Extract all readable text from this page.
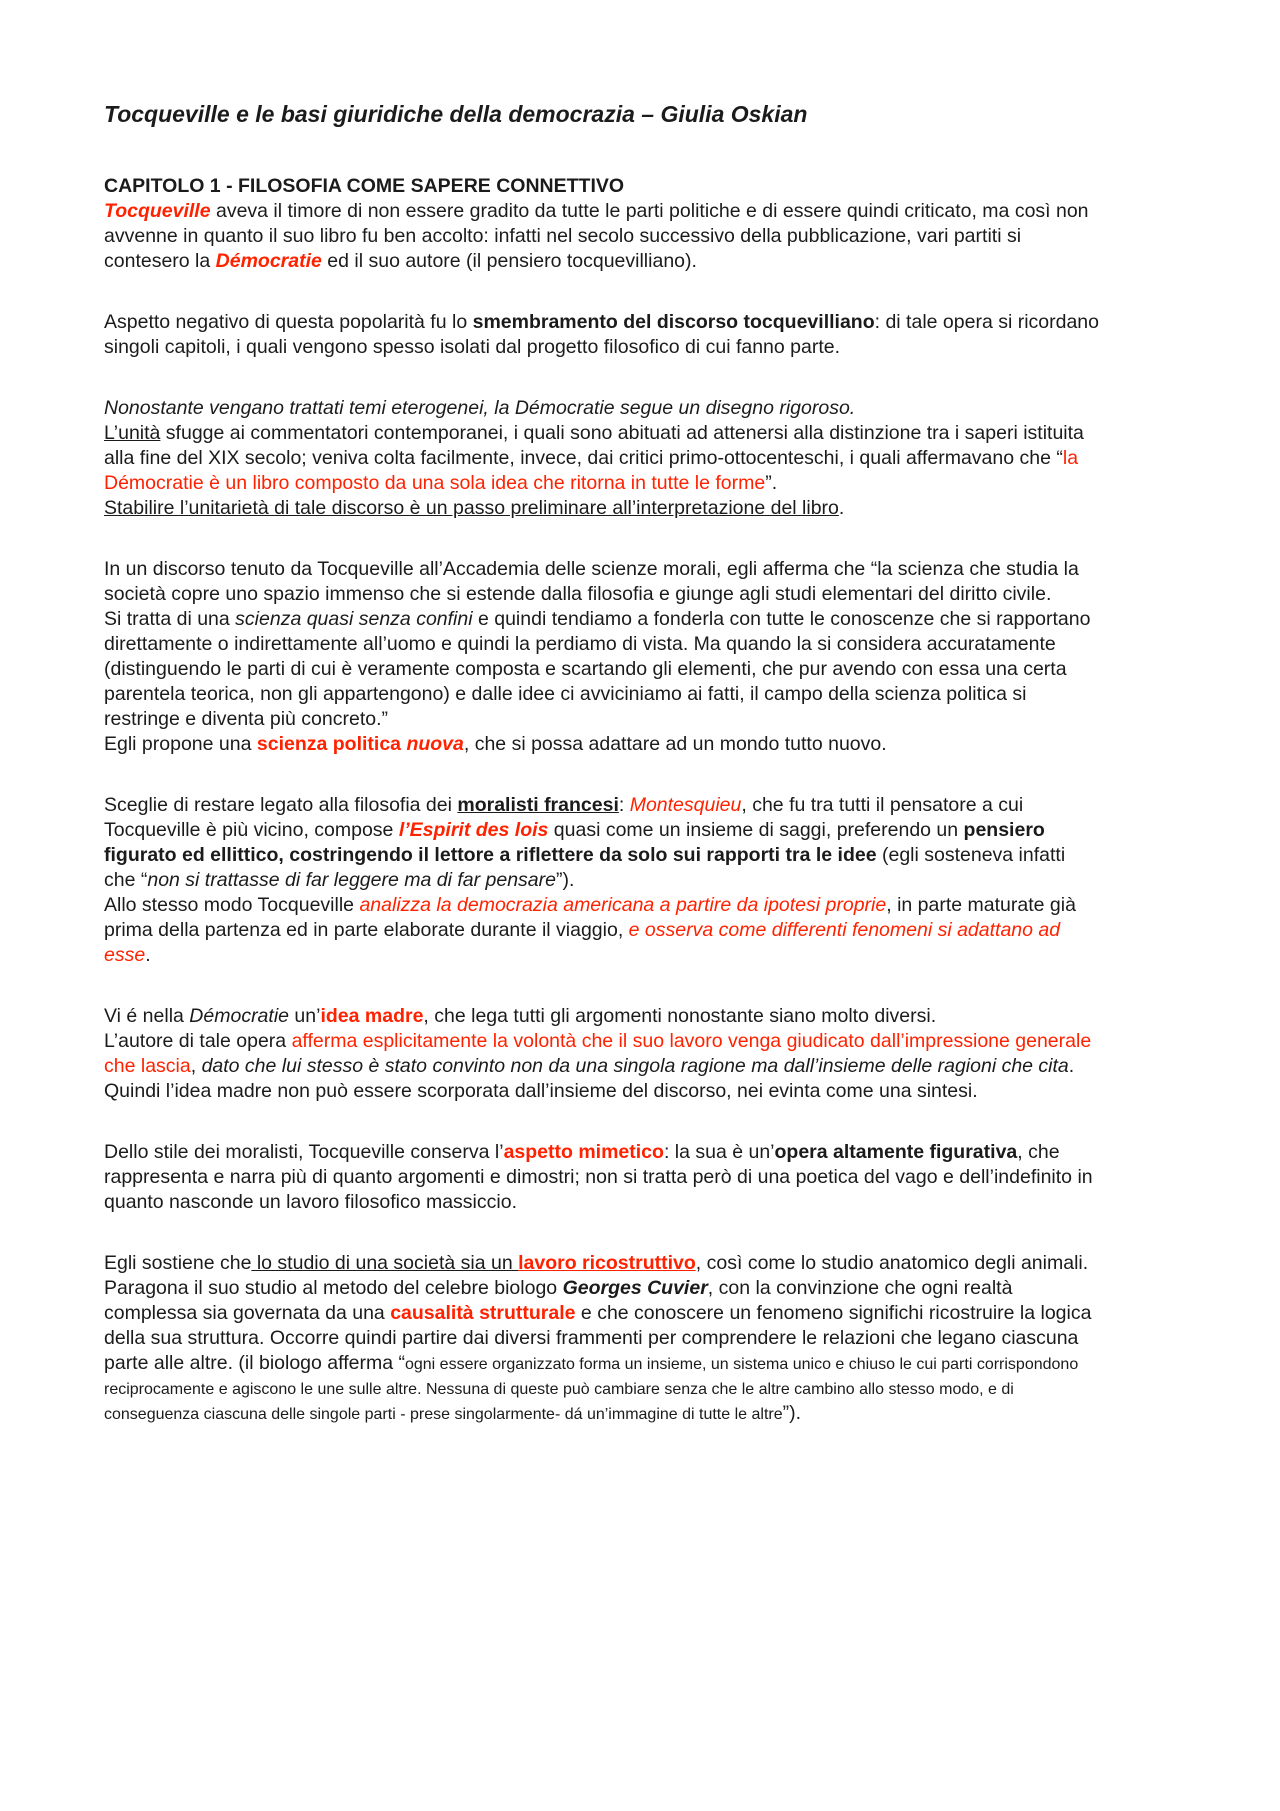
Tocqueville e le basi giuridiche della democrazia – Giulia Oskian
CAPITOLO 1 - FILOSOFIA COME SAPERE CONNETTIVO

Tocqueville aveva il timore di non essere gradito da tutte le parti politiche e di essere quindi criticato, ma così non avvenne in quanto il suo libro fu ben accolto: infatti nel secolo successivo della pubblicazione, vari partiti si contesero la Démocratie ed il suo autore (il pensiero tocquevilliano).

Aspetto negativo di questa popolarità fu lo smembramento del discorso tocquevilliano: di tale opera si ricordano singoli capitoli, i quali vengono spesso isolati dal progetto filosofico di cui fanno parte.

Nonostante vengano trattati temi eterogenei, la Démocratie segue un disegno rigoroso.
L’unità sfugge ai commentatori contemporanei, i quali sono abituati ad attenersi alla distinzione tra i saperi istituita alla fine del XIX secolo; veniva colta facilmente, invece, dai critici primo-ottocenteschi, i quali affermavano che “la Démocratie è un libro composto da una sola idea che ritorna in tutte le forme”.
Stabilire l’unitarietà di tale discorso è un passo preliminare all’interpretazione del libro.

In un discorso tenuto da Tocqueville all’Accademia delle scienze morali, egli afferma che “la scienza che studia la società copre uno spazio immenso che si estende dalla filosofia e giunge agli studi elementari del diritto civile.
Si tratta di una scienza quasi senza confini e quindi tendiamo a fonderla con tutte le conoscenze che si rapportano direttamente o indirettamente all’uomo e quindi la perdiamo di vista. Ma quando la si considera accuratamente (distinguendo le parti di cui è veramente composta e scartando gli elementi, che pur avendo con essa una certa parentela teorica, non gli appartengono) e dalle idee ci avviciniamo ai fatti, il campo della scienza politica si restringe e diventa più concreto.”
Egli propone una scienza politica nuova, che si possa adattare ad un mondo tutto nuovo.

Sceglie di restare legato alla filosofia dei moralisti francesi: Montesquieu, che fu tra tutti il pensatore a cui Tocqueville è più vicino, compose l’Espirit des lois quasi come un insieme di saggi, preferendo un pensiero figurato ed ellittico, costringendo il lettore a riflettere da solo sui rapporti tra le idee (egli sosteneva infatti che “non si trattasse di far leggere ma di far pensare”).
Allo stesso modo Tocqueville analizza la democrazia americana a partire da ipotesi proprie, in parte maturate già prima della partenza ed in parte elaborate durante il viaggio, e osserva come differenti fenomeni si adattano ad esse.

Vi é nella Démocratie un’idea madre, che lega tutti gli argomenti nonostante siano molto diversi.
L’autore di tale opera afferma esplicitamente la volontà che il suo lavoro venga giudicato dall’impressione generale che lascia, dato che lui stesso è stato convinto non da una singola ragione ma dall’insieme delle ragioni che cita.
Quindi l’idea madre non può essere scorporata dall’insieme del discorso, nei evinta come una sintesi.

Dello stile dei moralisti, Tocqueville conserva l’aspetto mimetico: la sua è un’opera altamente figurativa, che rappresenta e narra più di quanto argomenti e dimostri; non si tratta però di una poetica del vago e dell’indefinito in quanto nasconde un lavoro filosofico massiccio.

Egli sostiene che lo studio di una società sia un lavoro ricostruttivo, così come lo studio anatomico degli animali.
Paragona il suo studio al metodo del celebre biologo Georges Cuvier, con la convinzione che ogni realtà complessa sia governata da una causalità strutturale e che conoscere un fenomeno significhi ricostruire la logica della sua struttura. Occorre quindi partire dai diversi frammenti per comprendere le relazioni che legano ciascuna parte alle altre. (il biologo afferma “ogni essere organizzato forma un insieme, un sistema unico e chiuso le cui parti corrispondono reciprocamente e agiscono le une sulle altre. Nessuna di queste può cambiare senza che le altre cambino allo stesso modo, e di conseguenza ciascuna delle singole parti - prese singolarmente- dá un’immagine di tutte le altre”).
